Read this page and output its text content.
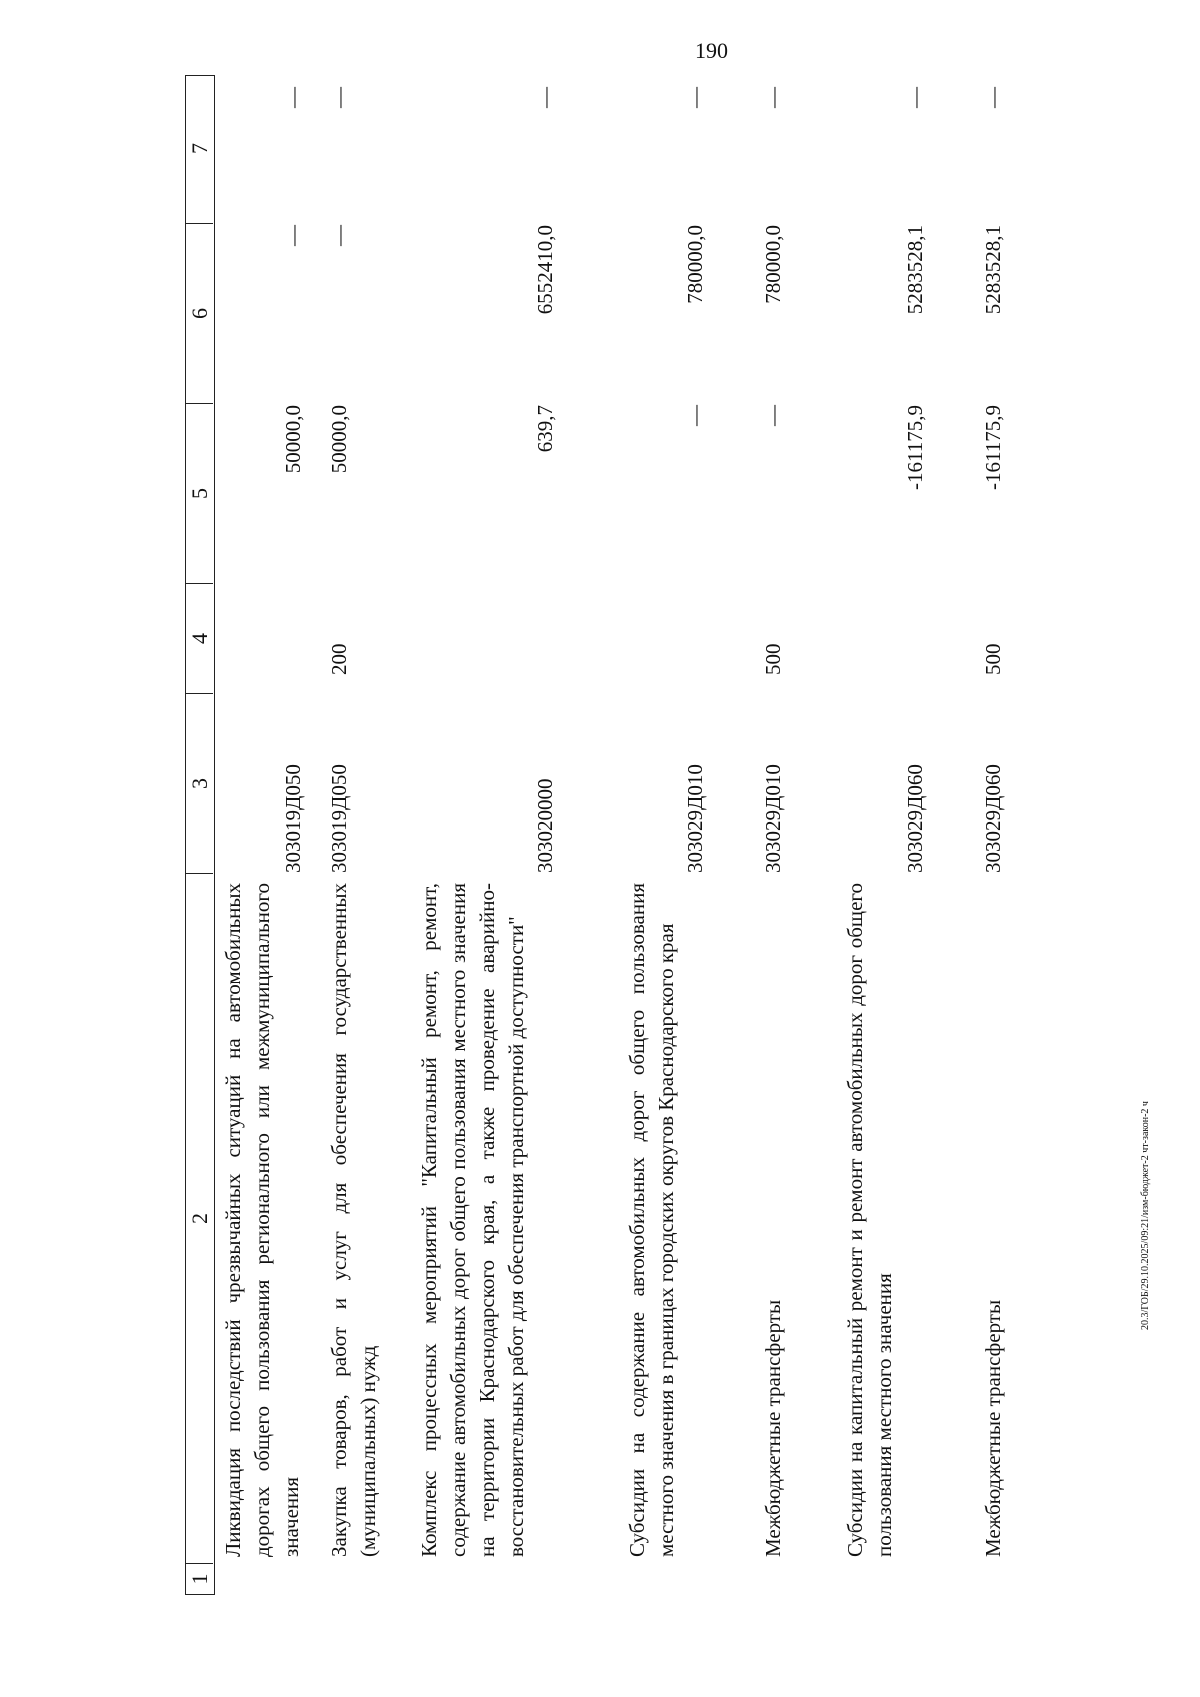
190
20.3/ГОБ/29.10.2025/09:21/изм-бюджет-2 чт-закон-2 ч
1
2
3
4
5
6
7
Ликвидация последствий чрезвычайных ситуаций на автомобильных дорогах общего пользования регионального или межмуниципального значения
303019Д050
50000,0
—
—
Закупка товаров, работ и услуг для обеспечения государственных (муниципальных) нужд
303019Д050
200
50000,0
—
—
Комплекс процессных мероприятий "Капитальный ремонт, ремонт, содержание автомобильных дорог общего пользования местного значения на территории Краснодарского края, а также проведение аварийно-восстановительных работ для обеспечения транспортной доступности"
303020000
639,7
6552410,0
—
Субсидии на содержание автомобильных дорог общего пользования местного значения в границах городских округов Краснодарского края
303029Д010
—
780000,0
—
Межбюджетные трансферты
303029Д010
500
—
780000,0
—
Субсидии на капитальный ремонт и ремонт автомобильных дорог общего пользования местного значения
303029Д060
-161175,9
5283528,1
—
Межбюджетные трансферты
303029Д060
500
-161175,9
5283528,1
—
